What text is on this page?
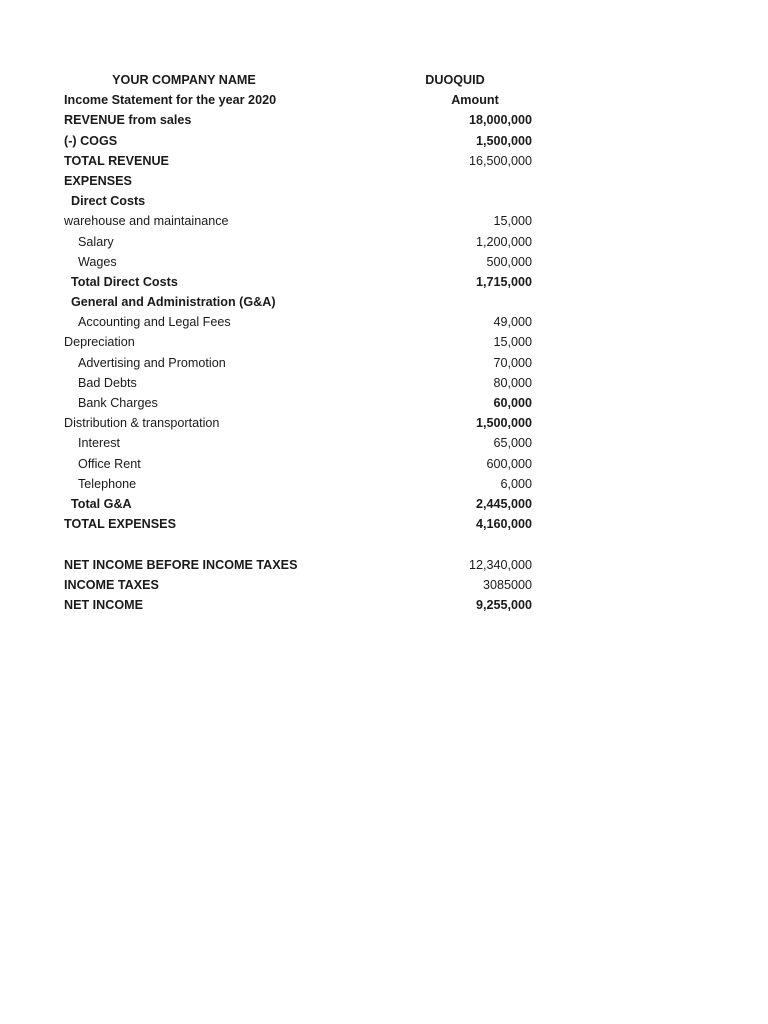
YOUR COMPANY NAME	DUOQUID
Income Statement for the year 2020	Amount
REVENUE from sales	18,000,000
(-) COGS	1,500,000
TOTAL REVENUE	16,500,000
EXPENSES
Direct Costs
warehouse and maintainance	15,000
Salary	1,200,000
Wages	500,000
Total Direct Costs	1,715,000
General and Administration (G&A)
Accounting and Legal Fees	49,000
Depreciation	15,000
Advertising and Promotion	70,000
Bad Debts	80,000
Bank Charges	60,000
Distribution & transportation	1,500,000
Interest	65,000
Office Rent	600,000
Telephone	6,000
Total G&A	2,445,000
TOTAL EXPENSES	4,160,000
NET INCOME BEFORE INCOME TAXES	12,340,000
INCOME TAXES	3085000
NET INCOME	9,255,000
